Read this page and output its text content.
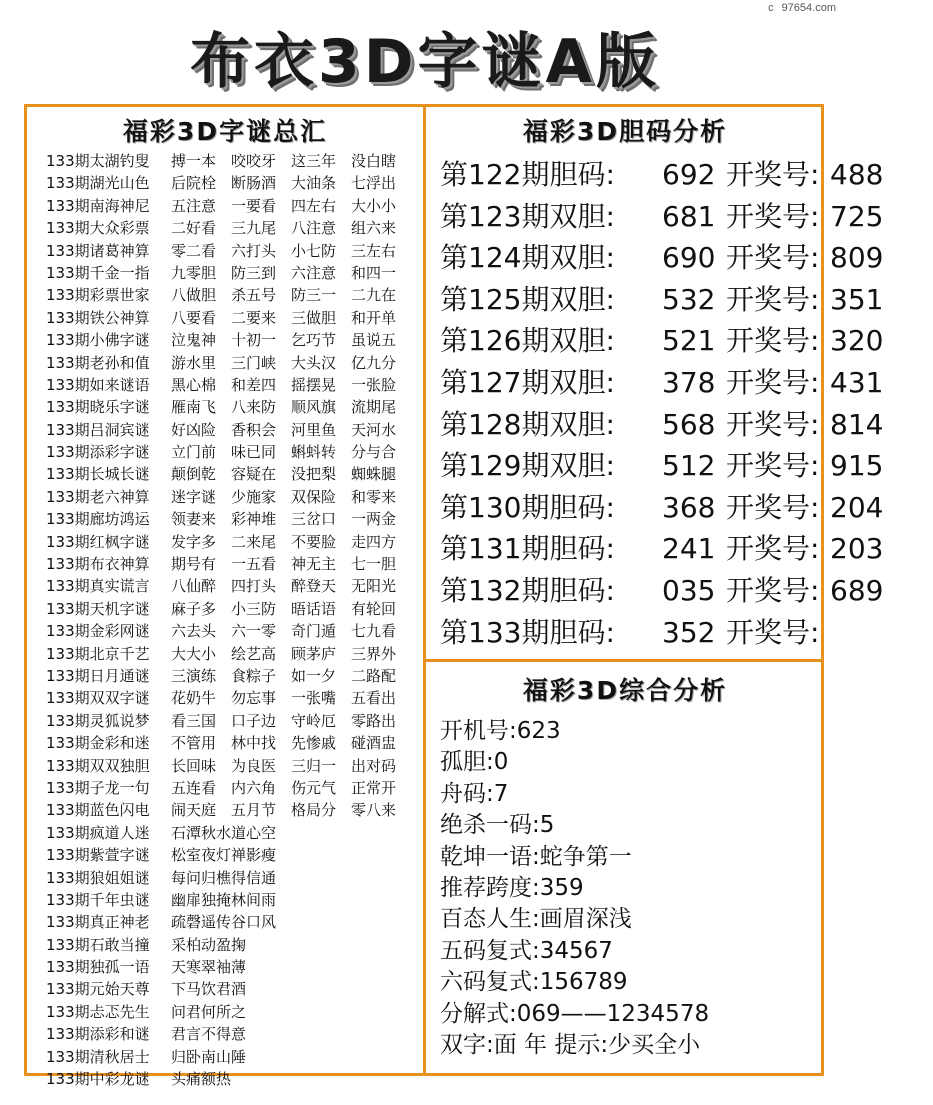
c 97654.com
布衣3D字谜A版
福彩3D字谜总汇
133期太湖钓叟 搏一本 咬咬牙 这三年 没白瞎
133期湖光山色 后院栓 断肠酒 大油条 七浮出
133期南海神尼 五注意 一要看 四左右 大小小
133期大众彩票 二好看 三九尾 八注意 组六来
133期诸葛神算 零二看 六打头 小七防 三左右
133期千金一指 九零胆 防三到 六注意 和四一
133期彩票世家 八做胆 杀五号 防三一 二九在
133期铁公神算 八要看 二要来 三做胆 和开单
133期小佛字谜 泣鬼神 十初一 乞巧节 虽说五
133期老孙和值 游水里 三门峡 大头汉 亿九分
133期如来谜语 黑心棉 和差四 摇摆晃 一张脸
133期晓乐字谜 雁南飞 八来防 顺风旗 流期尾
133期吕洞宾谜 好凶险 香积会 河里鱼 天河水
133期添彩字谜 立门前 味已同 蝌蚪转 分与合
133期长城长谜 颠倒乾 容疑在 没把梨 蜘蛛腿
133期老六神算 迷字谜 少施家 双保险 和零来
133期廊坊鸿运 领妻来 彩神堆 三岔口 一两金
133期红枫字谜 发字多 二来尾 不要脸 走四方
133期布衣神算 期号有 一五看 神无主 七一胆
133期真实谎言 八仙醉 四打头 醉登天 无阳光
133期天机字谜 麻子多 小三防 晤话语 有轮回
133期金彩网谜 六去头 六一零 奇门遁 七九看
133期北京千艺 大大小 绘艺高 顾茅庐 三界外
133期日月通谜 三演练 食粽子 如一夕 二路配
133期双双字谜 花奶牛 勿忘事 一张嘴 五看出
133期灵狐说梦 看三国 口子边 守岭厄 零路出
133期金彩和迷 不管用 林中找 先惨戚 碰酒盅
133期双双独胆 长回味 为良医 三归一 出对码
133期子龙一句 五连看 内六角 伤元气 正常开
133期蓝色闪电 闹天庭 五月节 格局分 零八来
133期疯道人迷 石潭秋水道心空
133期紫萱字谜 松室夜灯禅影瘦
133期狼姐姐谜 每问归樵得信通
133期千年虫谜 幽扉独掩林间雨
133期真正神老 疏磬遥传谷口风
133期石敢当撞 采柏动盈掬
133期独孤一语 天寒翠袖薄
133期元始天尊 下马饮君酒
133期忐忑先生 问君何所之
133期添彩和谜 君言不得意
133期清秋居士 归卧南山陲
133期中彩龙谜 头痛额热
福彩3D胆码分析
第122期胆码: 692 开奖号: 488
第123期双胆: 681 开奖号: 725
第124期双胆: 690 开奖号: 809
第125期双胆: 532 开奖号: 351
第126期双胆: 521 开奖号: 320
第127期双胆: 378 开奖号: 431
第128期双胆: 568 开奖号: 814
第129期双胆: 512 开奖号: 915
第130期胆码: 368 开奖号: 204
第131期胆码: 241 开奖号: 203
第132期胆码: 035 开奖号: 689
第133期胆码: 352 开奖号:
福彩3D综合分析
开机号:623
孤胆:0
舟码:7
绝杀一码:5
乾坤一语:蛇争第一
推荐跨度:359
百态人生:画眉深浅
五码复式:34567
六码复式:156789
分解式:069——1234578
双字:面 年 提示:少买全小
